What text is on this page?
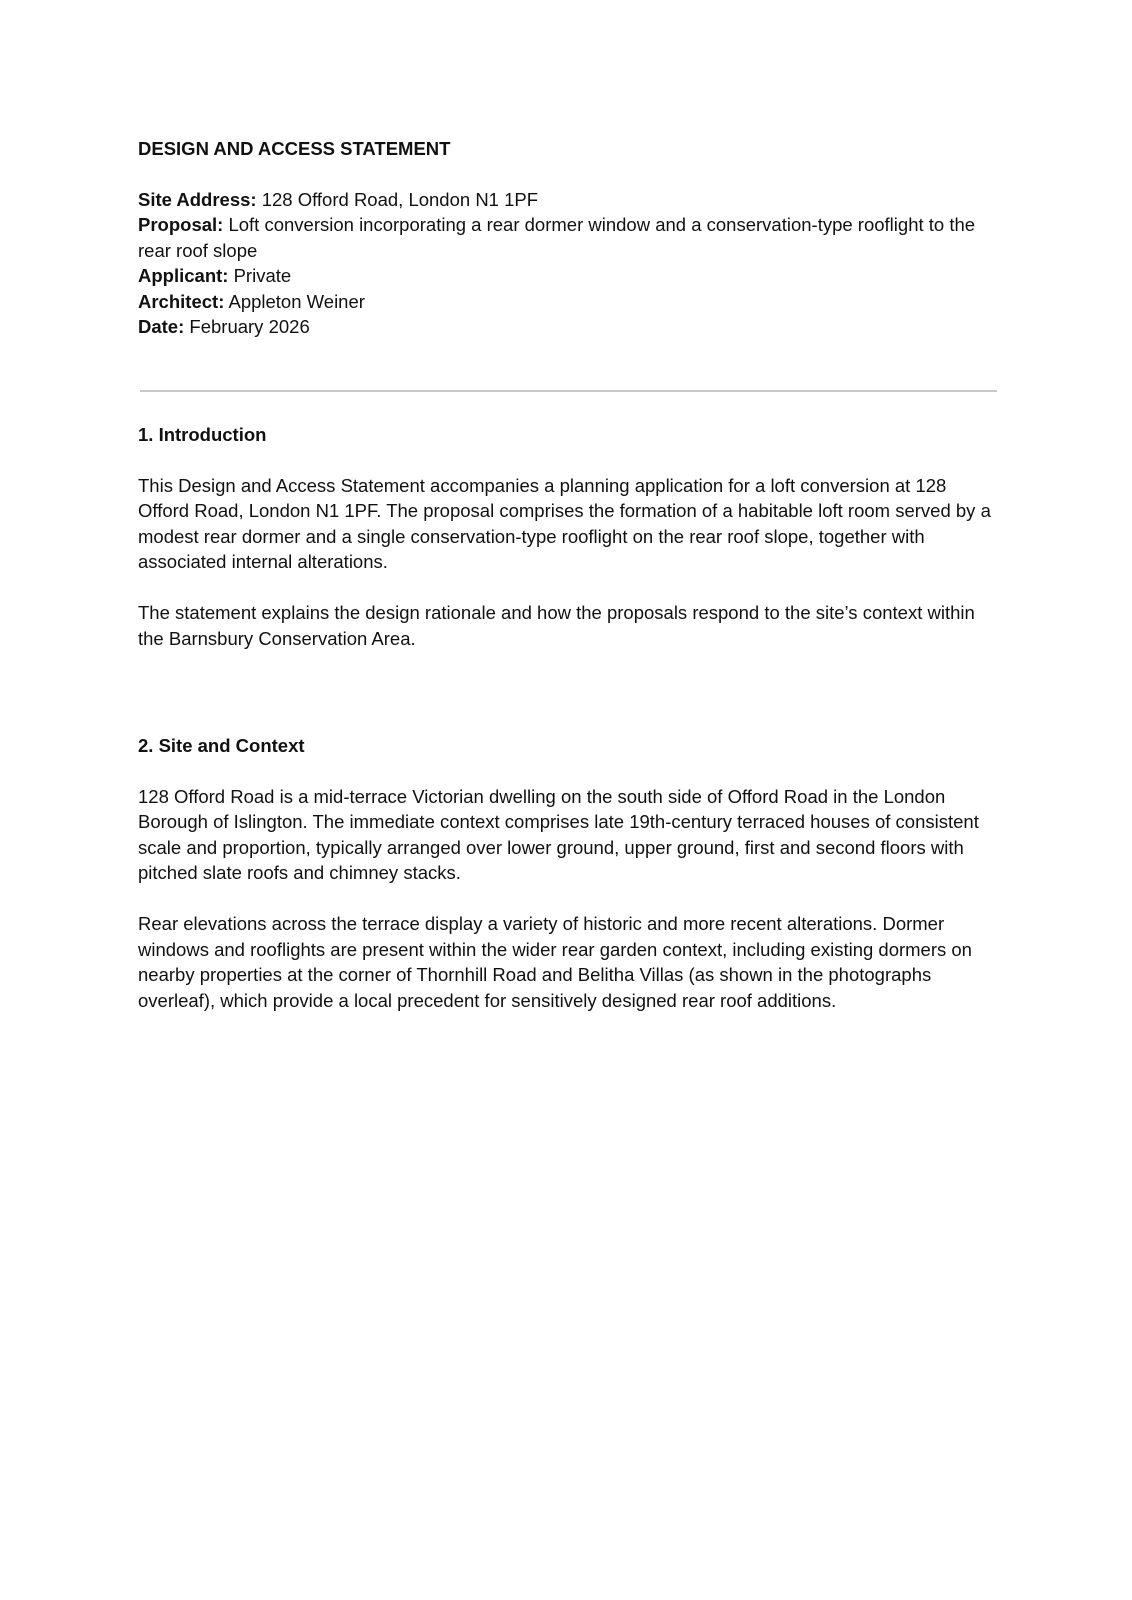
DESIGN AND ACCESS STATEMENT

Site Address: 128 Offord Road, London N1 1PF

Proposal: Loft conversion incorporating a rear dormer window and a conservation-type rooflight to the rear roof slope

Applicant: Private

Architect: Appleton Weiner

Date: February 2026

1. Introduction

This Design and Access Statement accompanies a planning application for a loft conversion at 128 Offord Road, London N1 1PF. The proposal comprises the formation of a habitable loft room served by a modest rear dormer and a single conservation-type rooflight on the rear roof slope, together with associated internal alterations.

The statement explains the design rationale and how the proposals respond to the site’s context within the Barnsbury Conservation Area.

2. Site and Context

128 Offord Road is a mid-terrace Victorian dwelling on the south side of Offord Road in the London Borough of Islington. The immediate context comprises late 19th-century terraced houses of consistent scale and proportion, typically arranged over lower ground, upper ground, first and second floors with pitched slate roofs and chimney stacks.

Rear elevations across the terrace display a variety of historic and more recent alterations. Dormer windows and rooflights are present within the wider rear garden context, including existing dormers on nearby properties at the corner of Thornhill Road and Belitha Villas (as shown in the photographs overleaf), which provide a local precedent for sensitively designed rear roof additions.
